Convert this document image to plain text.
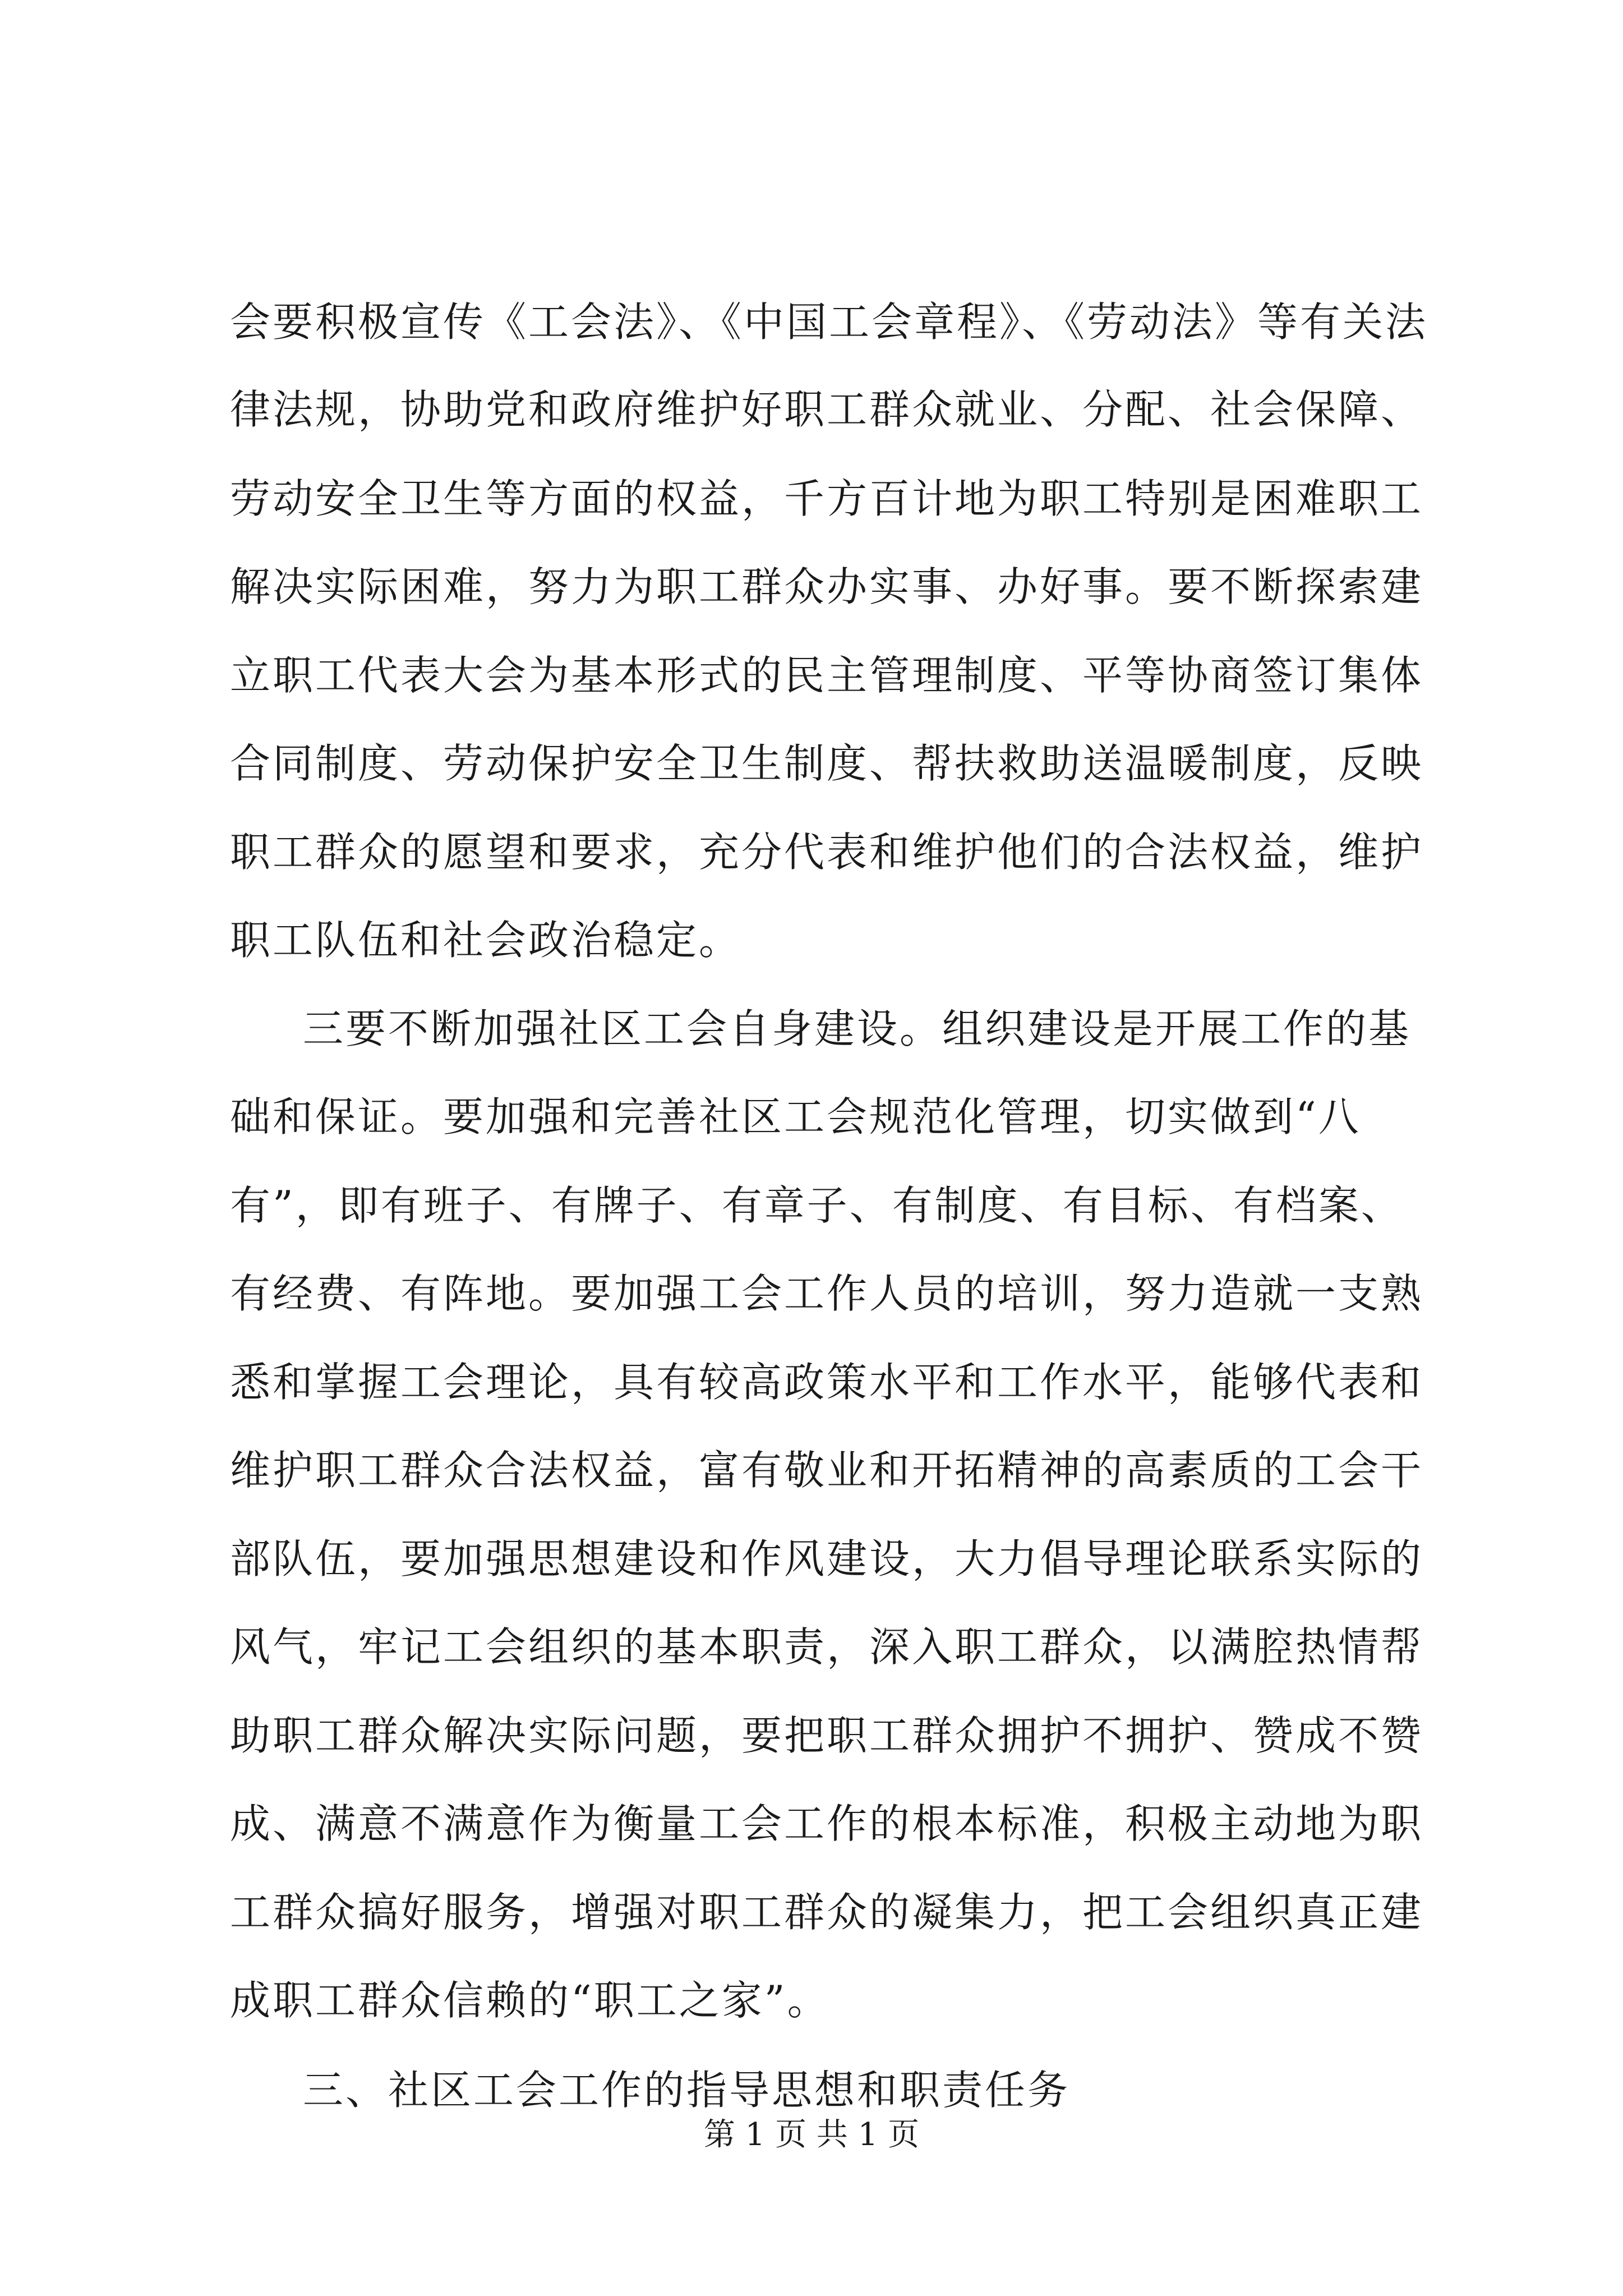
会要积极宣传《工会法》、《中国工会章程》、《劳动法》等有关法
律法规，协助党和政府维护好职工群众就业、分配、社会保障、
劳动安全卫生等方面的权益，千方百计地为职工特别是困难职工
解决实际困难，努力为职工群众办实事、办好事。要不断探索建
立职工代表大会为基本形式的民主管理制度、平等协商签订集体
合同制度、劳动保护安全卫生制度、帮扶救助送温暖制度，反映
职工群众的愿望和要求，充分代表和维护他们的合法权益，维护
职工队伍和社会政治稳定。
三要不断加强社区工会自身建设。组织建设是开展工作的基
础和保证。要加强和完善社区工会规范化管理，切实做到“八
有”，即有班子、有牌子、有章子、有制度、有目标、有档案、
有经费、有阵地。要加强工会工作人员的培训，努力造就一支熟
悉和掌握工会理论，具有较高政策水平和工作水平，能够代表和
维护职工群众合法权益，富有敬业和开拓精神的高素质的工会干
部队伍，要加强思想建设和作风建设，大力倡导理论联系实际的
风气，牢记工会组织的基本职责，深入职工群众，以满腔热情帮
助职工群众解决实际问题，要把职工群众拥护不拥护、赞成不赞
成、满意不满意作为衡量工会工作的根本标准，积极主动地为职
工群众搞好服务，增强对职工群众的凝集力，把工会组织真正建
成职工群众信赖的“职工之家”。
三、社区工会工作的指导思想和职责任务
第 1 页 共 1 页
